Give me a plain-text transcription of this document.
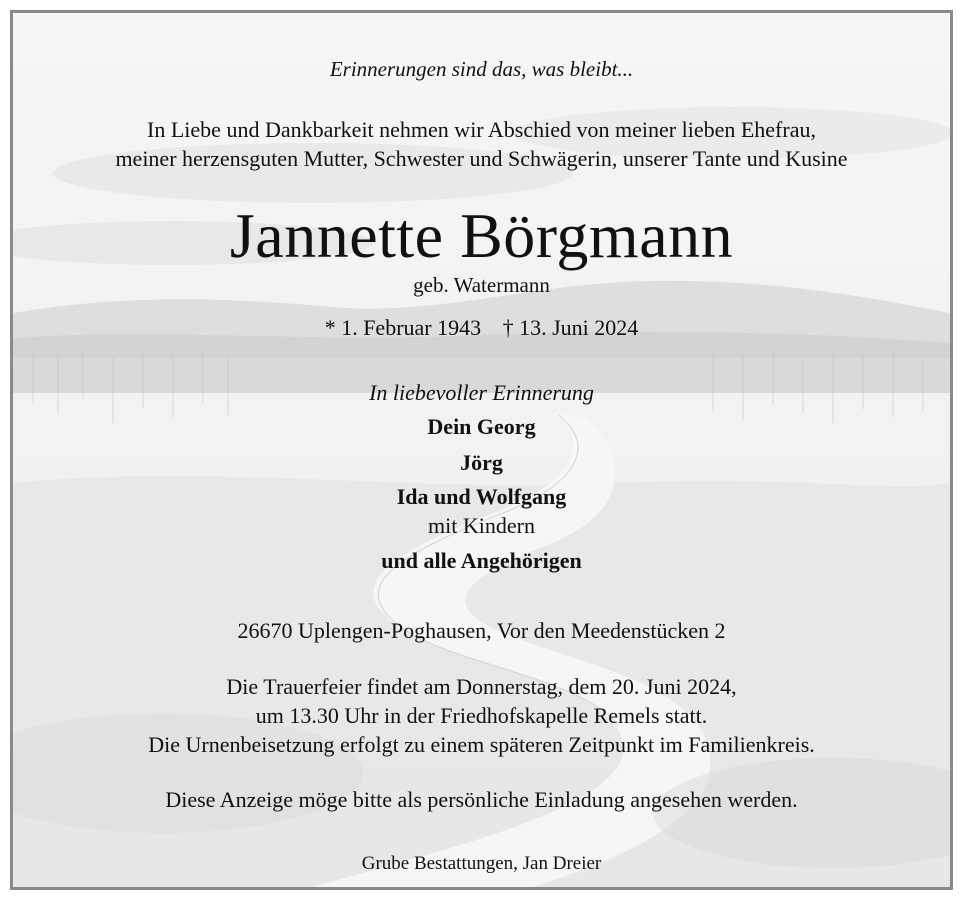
Erinnerungen sind das, was bleibt...
In Liebe und Dankbarkeit nehmen wir Abschied von meiner lieben Ehefrau,
meiner herzensguten Mutter, Schwester und Schwägerin, unserer Tante und Kusine
Jannette Börgmann
geb. Watermann
* 1. Februar 1943 † 13. Juni 2024
In liebevoller Erinnerung
Dein Georg
Jörg
Ida und Wolfgang
mit Kindern
und alle Angehörigen
26670 Uplengen-Poghausen, Vor den Meedenstücken 2
Die Trauerfeier findet am Donnerstag, dem 20. Juni 2024,
um 13.30 Uhr in der Friedhofskapelle Remels statt.
Die Urnenbeisetzung erfolgt zu einem späteren Zeitpunkt im Familienkreis.
Diese Anzeige möge bitte als persönliche Einladung angesehen werden.
Grube Bestattungen, Jan Dreier
